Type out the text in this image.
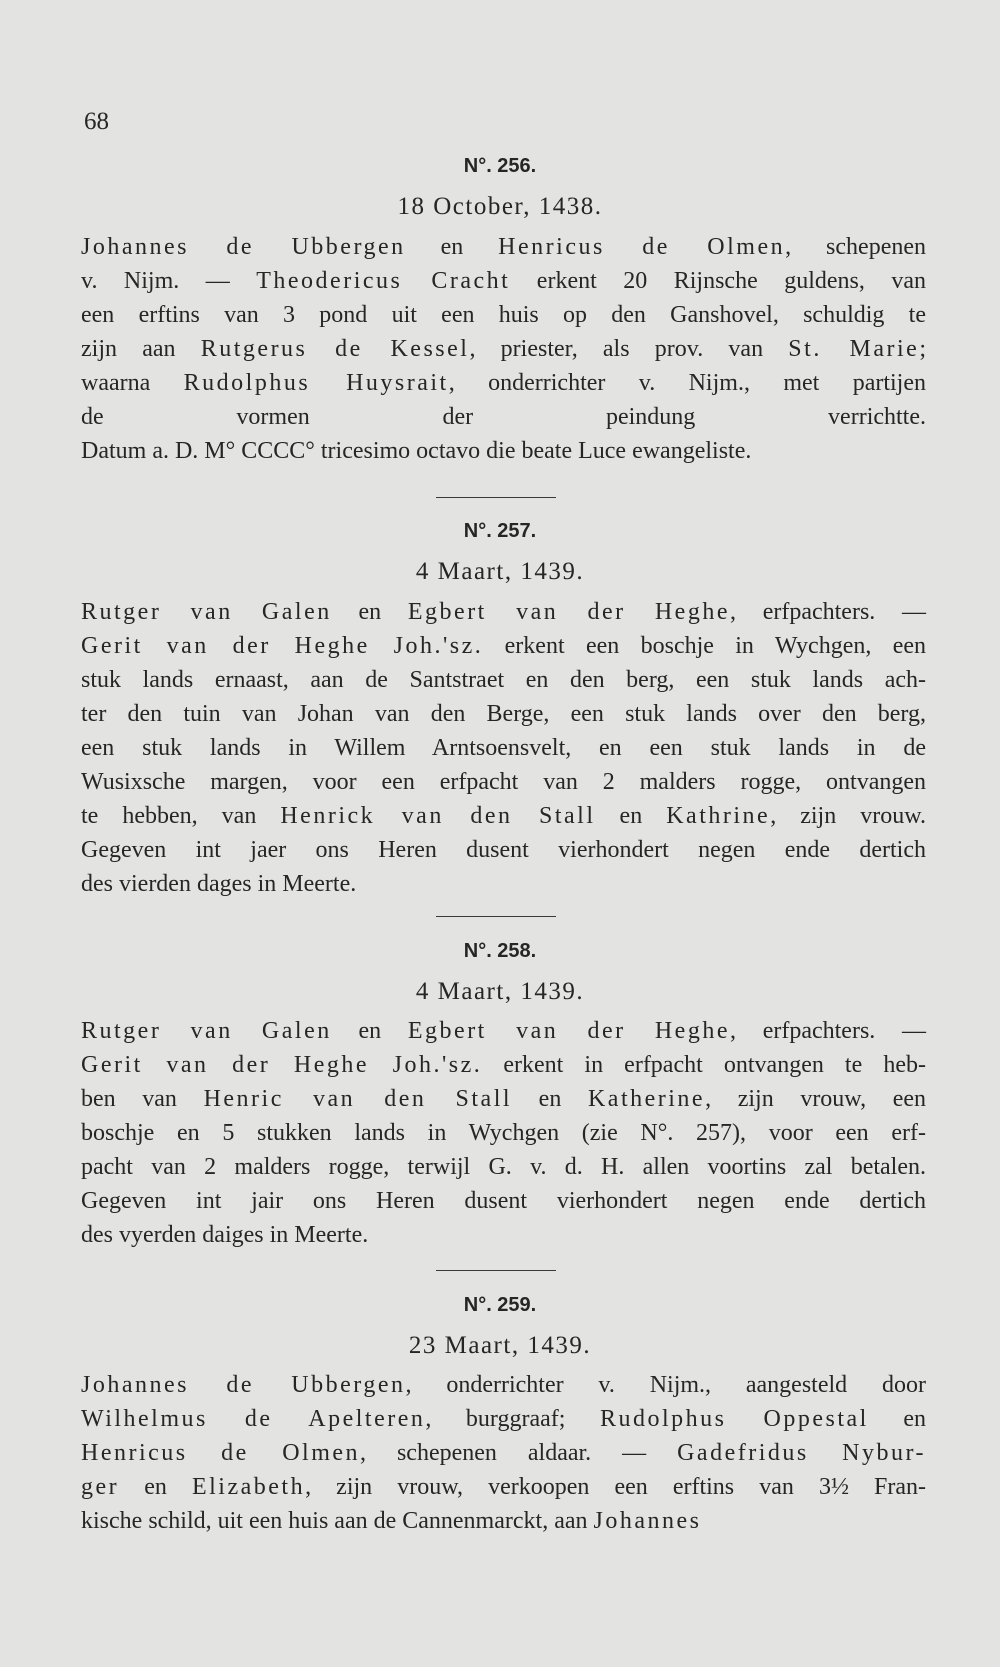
68
N°. 256.
18 October, 1438.
Johannes de Ubbergen en Henricus de Olmen, schepenen
v. Nijm. — Theodericus Cracht erkent 20 Rijnsche guldens, van
een erftins van 3 pond uit een huis op den Ganshovel, schuldig te
zijn aan Rutgerus de Kessel, priester, als prov. van St. Marie;
waarna Rudolphus Huysrait, onderrichter v. Nijm., met partijen
de vormen der peindung verrichtte.
Datum a. D. M° CCCC° tricesimo octavo die beate Luce ewangeliste.
N°. 257.
4 Maart, 1439.
Rutger van Galen en Egbert van der Heghe, erfpachters. —
Gerit van der Heghe Joh.'sz. erkent een boschje in Wychgen, een
stuk lands ernaast, aan de Santstraet en den berg, een stuk lands ach-
ter den tuin van Johan van den Berge, een stuk lands over den berg,
een stuk lands in Willem Arntsoensvelt, en een stuk lands in de
Wusixsche margen, voor een erfpacht van 2 malders rogge, ontvangen
te hebben, van Henrick van den Stall en Kathrine, zijn vrouw.
Gegeven int jaer ons Heren dusent vierhondert negen ende dertich
des vierden dages in Meerte.
N°. 258.
4 Maart, 1439.
Rutger van Galen en Egbert van der Heghe, erfpachters. —
Gerit van der Heghe Joh.'sz. erkent in erfpacht ontvangen te heb-
ben van Henric van den Stall en Katherine, zijn vrouw, een
boschje en 5 stukken lands in Wychgen (zie N°. 257), voor een erf-
pacht van 2 malders rogge, terwijl G. v. d. H. allen voortins zal betalen.
Gegeven int jair ons Heren dusent vierhondert negen ende dertich
des vyerden daiges in Meerte.
N°. 259.
23 Maart, 1439.
Johannes de Ubbergen, onderrichter v. Nijm., aangesteld door
Wilhelmus de Apelteren, burggraaf; Rudolphus Oppestal en
Henricus de Olmen, schepenen aldaar. — Gadefridus Nybur-
ger en Elizabeth, zijn vrouw, verkoopen een erftins van 3½ Fran-
kische schild, uit een huis aan de Cannenmarckt, aan Johannes
